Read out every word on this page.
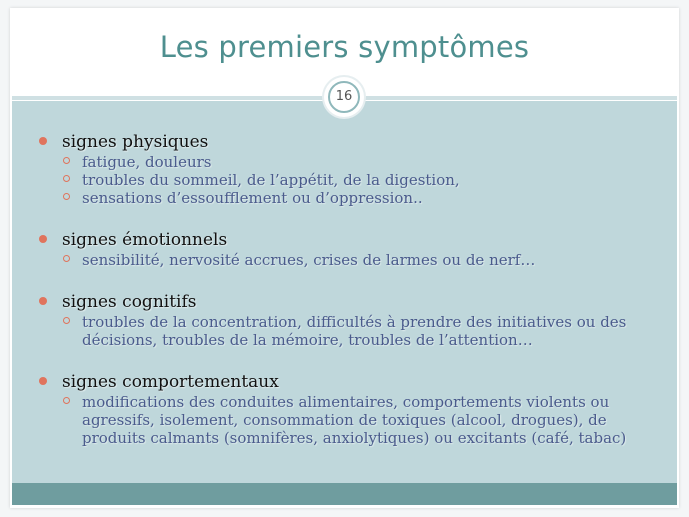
Les premiers symptômes
16
signes physiques
fatigue, douleurs
troubles du sommeil, de l’appétit, de la digestion,
sensations d’essoufflement ou d’oppression..
signes émotionnels
sensibilité, nervosité accrues, crises de larmes ou de nerf…
signes cognitifs
troubles de la concentration, difficultés à prendre des initiatives ou des décisions, troubles de la mémoire, troubles de l’attention…
signes comportementaux
modifications des conduites alimentaires, comportements violents ou agressifs, isolement, consommation de toxiques (alcool, drogues), de produits calmants (somnifères, anxiolytiques) ou excitants (café, tabac)
